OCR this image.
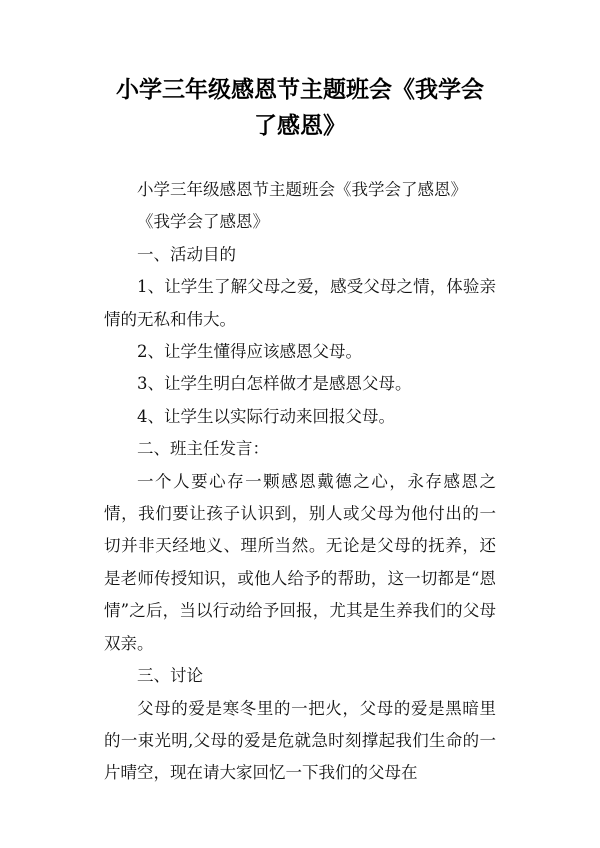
小学三年级感恩节主题班会《我学会
了感恩》

小学三年级感恩节主题班会《我学会了感恩》

《我学会了感恩》

一、活动目的

1、让学生了解父母之爱，感受父母之情，体验亲情的无私和伟大。

2、让学生懂得应该感恩父母。

3、让学生明白怎样做才是感恩父母。

4、让学生以实际行动来回报父母。

二、班主任发言：

一个人要心存一颗感恩戴德之心，永存感恩之情，我们要让孩子认识到，别人或父母为他付出的一切并非天经地义、理所当然。无论是父母的抚养，还是老师传授知识，或他人给予的帮助，这一切都是“恩情”之后，当以行动给予回报，尤其是生养我们的父母双亲。

三、讨论

父母的爱是寒冬里的一把火，父母的爱是黑暗里的一束光明,父母的爱是危就急时刻撑起我们生命的一片晴空，现在请大家回忆一下我们的父母在
